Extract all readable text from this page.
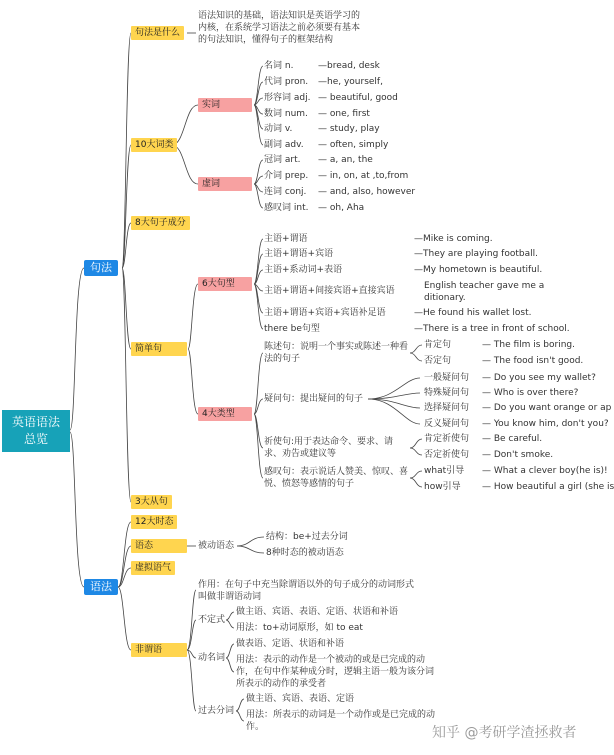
英语语法
总览
句法
语法
句法是什么
语法知识的基础，语法知识是英语学习的内核，在系统学习语法之前必须要有基本的句法知识，懂得句子的框架结构
10大词类
实词
虚词
名词 n.	—bread, desk
代词 pron. —he, yourself,
形容词 adj. — beautiful, good
数词 num. — one, first
动词 v.	— study, play
副词 adv. — often, simply
冠词 art. — a, an, the
介词 prep. — in, on, at ,to,from
连词 conj. — and, also, however
感叹词 int. — oh, Aha
8大句子成分
简单句
6大句型
4大类型
主语+谓语	—Mike is coming.
主语+谓语+宾语	—They are playing football.
主语+系动词+表语	—My hometown is beautiful.
主语+谓语+间接宾语+直接宾语	English teacher gave me a ditionary.
主语+谓语+宾语+宾语补足语	—He found his wallet lost.
there be句型	—There is a tree in front of school.
陈述句：说明一个事实或陈述一种看法的句子
肯定句	— The film is boring.
否定句	— The food isn't good.
疑问句：提出疑问的句子
一般疑问句 — Do you see my wallet?
特殊疑问句 — Who is over there?
选择疑问句 — Do you want orange or ap
反义疑问句 — You know him, don't you?
祈使句:用于表达命令、要求、请求、劝告或建议等
肯定祈使句 — Be careful.
否定祈使句 — Don't smoke.
感叹句：表示说话人赞美、惊叹、喜悦、愤怒等感情的句子
what引导 — What a clever boy(he is)!
how引导 — How beautiful a girl (she is
3大从句
12大时态
语态	被动语态
结构：be+过去分词
8种时态的被动语态
虚拟语气
非谓语
作用：在句子中充当除谓语以外的句子成分的动词形式叫做非谓语动词
不定式
做主语、宾语、表语、定语、状语和补语
用法：to+动词原形，如 to eat
动名词
做表语、定语、状语和补语
用法：表示的动作是一个被动的或是已完成的动作，在句中作某种成分时，逻辑主语一般为该分词所表示的动作的承受者
过去分词
做主语、宾语、表语、定语
用法：所表示的动词是一个动作或是已完成的动作。	知乎 @考研学渣拯救者
